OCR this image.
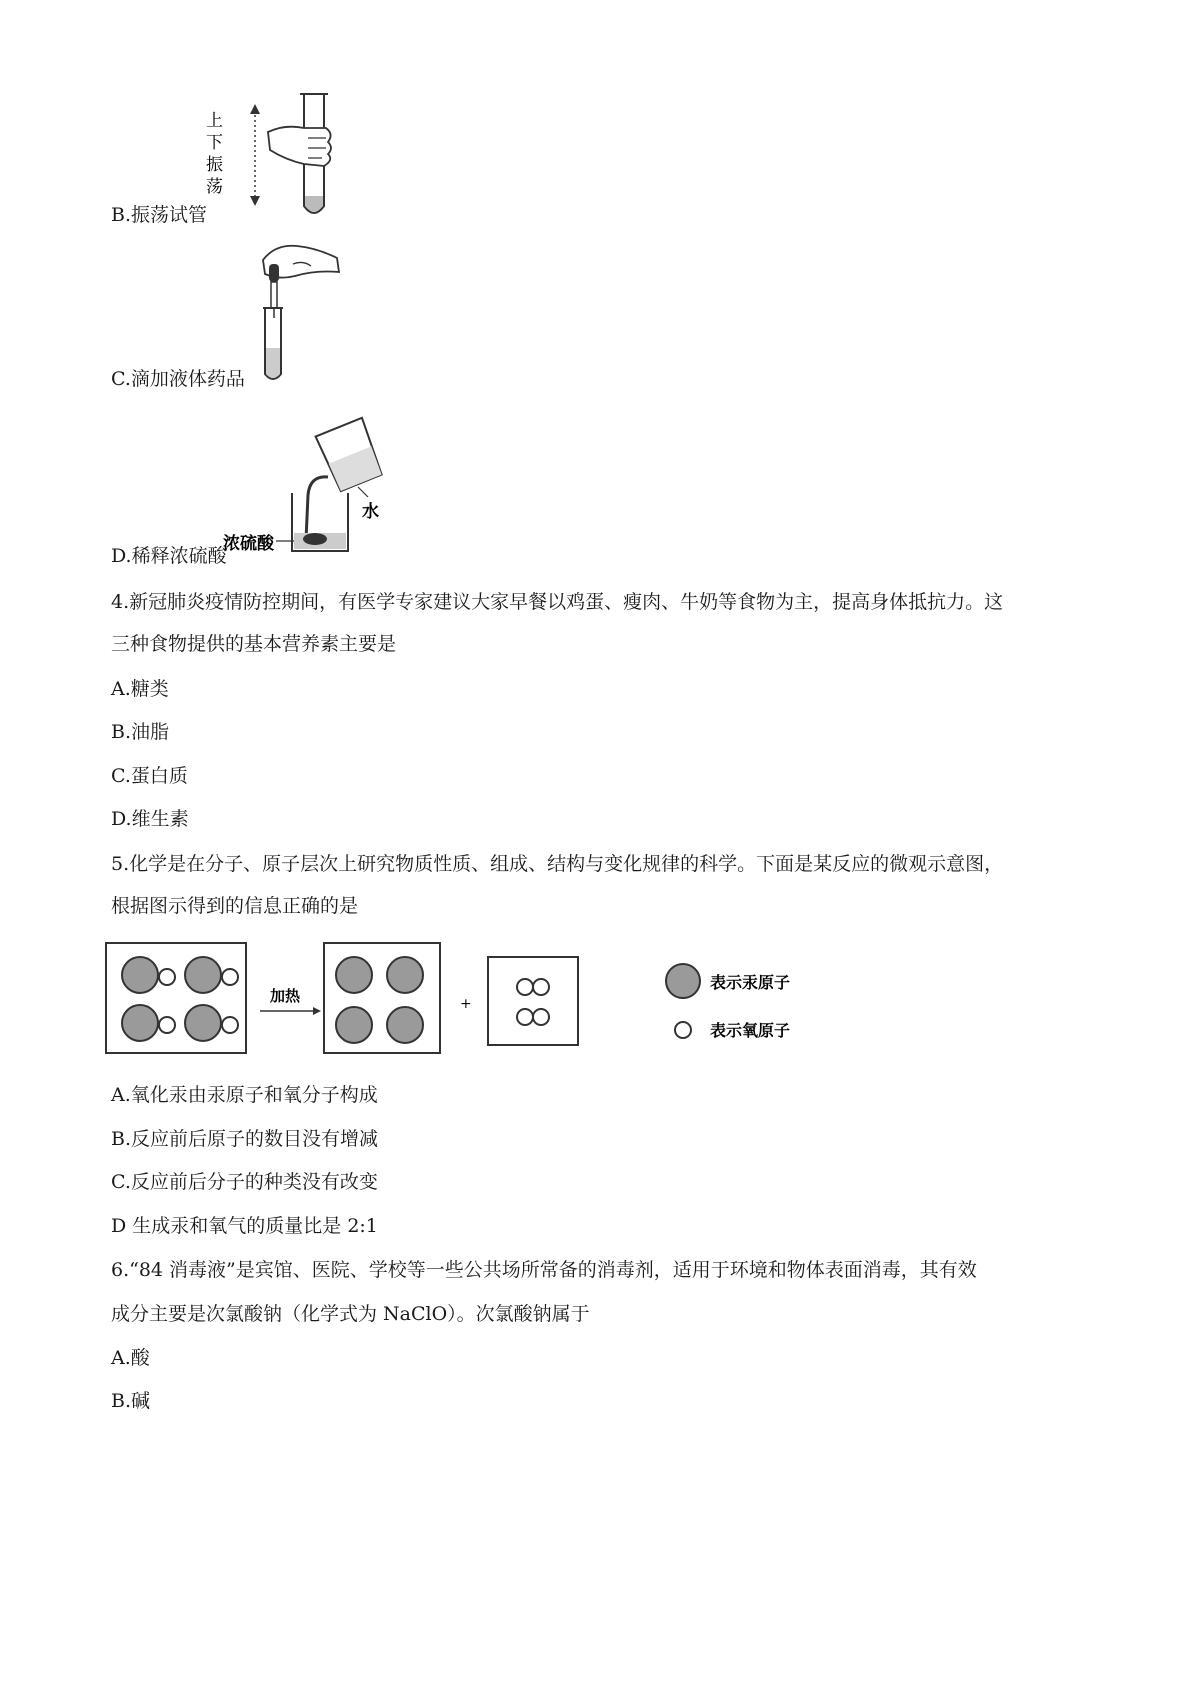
上
下
振
荡
B.振荡试管
C.滴加液体药品
浓硫酸
水
D.稀释浓硫酸
4.新冠肺炎疫情防控期间，有医学专家建议大家早餐以鸡蛋、瘦肉、牛奶等食物为主，提高身体抵抗力。这
三种食物提供的基本营养素主要是
A.糖类
B.油脂
C.蛋白质
D.维生素
5.化学是在分子、原子层次上研究物质性质、组成、结构与变化规律的科学。下面是某反应的微观示意图，
根据图示得到的信息正确的是
加热	+
表示汞原子
表示氧原子
A.氧化汞由汞原子和氧分子构成
B.反应前后原子的数目没有增减
C.反应前后分子的种类没有改变
D 生成汞和氧气的质量比是 2:1
6.“84 消毒液”是宾馆、医院、学校等一些公共场所常备的消毒剂，适用于环境和物体表面消毒，其有效
成分主要是次氯酸钠（化学式为 NaClO）。次氯酸钠属于
A.酸
B.碱
